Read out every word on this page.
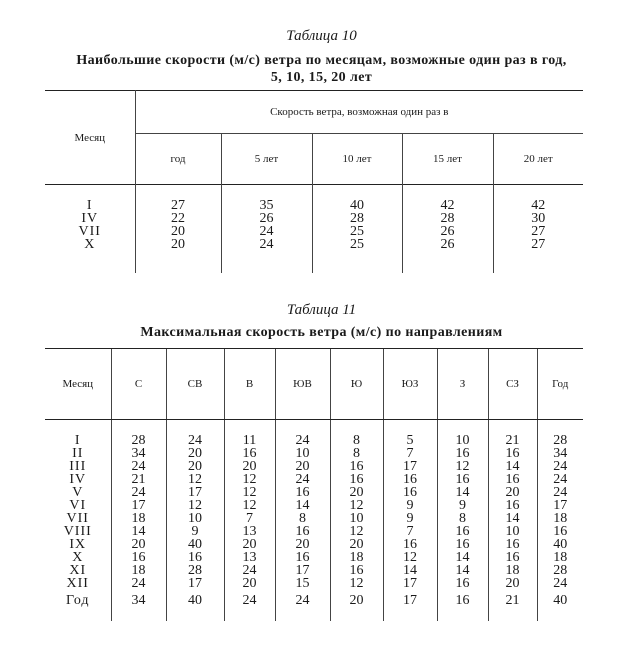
Таблица 10
Наибольшие скорости (м/с) ветра по месяцам, возможные один раз в год,
5, 10, 15, 20 лет
Месяц	Скорость ветра, возможная один раз в				
	год	5 лет	10 лет	15 лет	20 лет
I	27	35	40	42	42
IV	22	26	28	28	30
VII	20	24	25	26	27
X	20	24	25	26	27
Таблица 11
Максимальная скорость ветра (м/с) по направлениям
Месяц	С	СВ	В	ЮВ	Ю	ЮЗ	З	СЗ	Год
I	28	24	11	24	8	5	10	21	28
II	34	20	16	10	8	7	16	16	34
III	24	20	20	20	16	17	12	14	24
IV	21	12	12	24	16	16	16	16	24
V	24	17	12	16	20	16	14	20	24
VI	17	12	12	14	12	9	9	16	17
VII	18	10	7	8	10	9	8	14	18
VIII	14	9	13	16	12	7	16	10	16
IX	20	40	20	20	20	16	16	16	40
X	16	16	13	16	18	12	14	16	18
XI	18	28	24	17	16	14	14	18	28
XII	24	17	20	15	12	17	16	20	24
Год	34	40	24	24	20	17	16	21	40
